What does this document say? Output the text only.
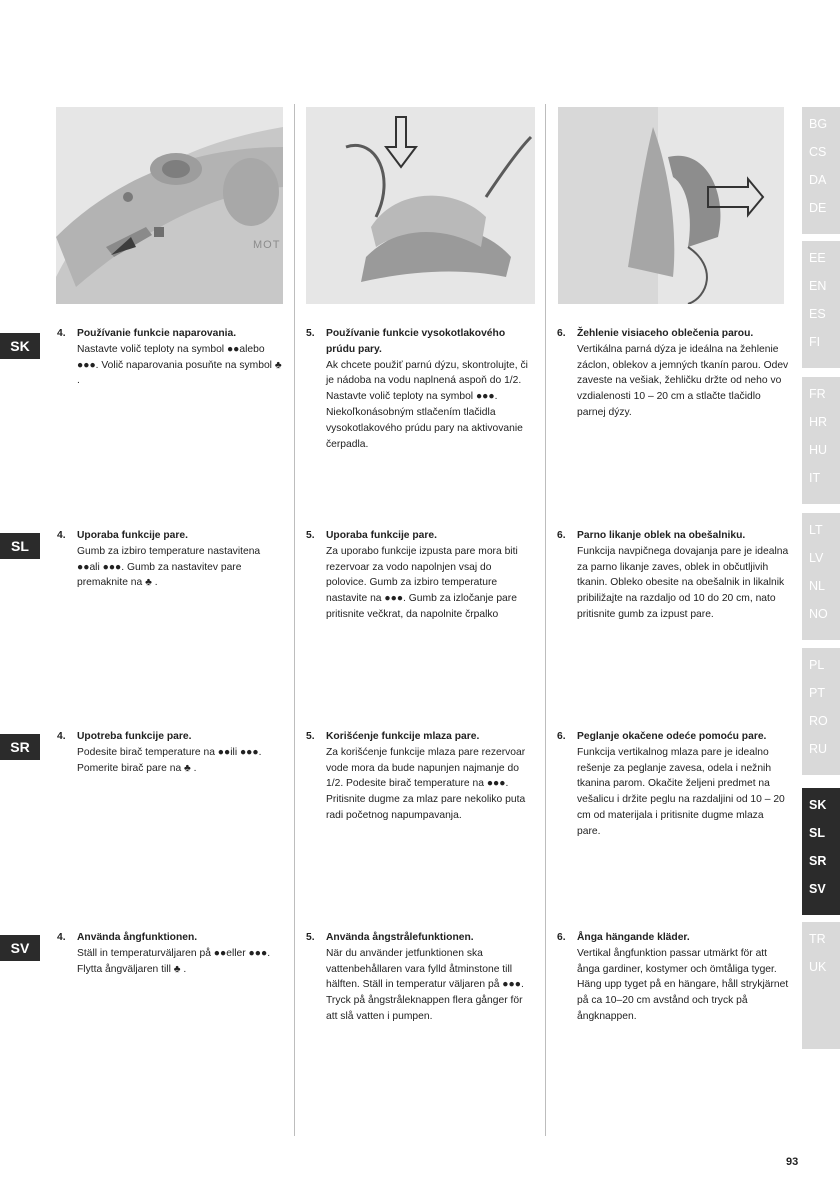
MOT
SK
4. Používanie funkcie naparovania.
Nastavte volič teploty na symbol ●●alebo ●●●. Volič naparovania posuňte na symbol ♣ .
5. Používanie funkcie vysokotlakového prúdu pary.
Ak chcete použiť parnú dýzu, skontrolujte, či je nádoba na vodu naplnená aspoň do 1/2. Nastavte volič teploty na symbol ●●●. Niekoľkonásobným stlačením tlačidla vysokotlakového prúdu pary na aktivovanie čerpadla.
6. Žehlenie visiaceho oblečenia parou.
Vertikálna parná dýza je ideálna na žehlenie záclon, oblekov a jemných tkanín parou. Odev zaveste na vešiak, žehličku držte od neho vo vzdialenosti 10 – 20 cm a stlačte tlačidlo parnej dýzy.
SL
4. Uporaba funkcije pare.
Gumb za izbiro temperature nastavitena ●●ali ●●●. Gumb za nastavitev pare premaknite na ♣ .
5. Uporaba funkcije pare.
Za uporabo funkcije izpusta pare mora biti rezervoar za vodo napolnjen vsaj do polovice. Gumb za izbiro temperature nastavite na ●●●. Gumb za izločanje pare pritisnite večkrat, da napolnite črpalko
6. Parno likanje oblek na obešalniku.
Funkcija navpičnega dovajanja pare je idealna za parno likanje zaves, oblek in občutljivih tkanin. Obleko obesite na obešalnik in likalnik pribiližajte na razdaljo od 10 do 20 cm, nato pritisnite gumb za izpust pare.
SR
4. Upotreba funkcije pare.
Podesite birač temperature na ●●ili ●●●. Pomerite birač pare na ♣ .
5. Korišćenje funkcije mlaza pare.
Za korišćenje funkcije mlaza pare rezervoar vode mora da bude napunjen najmanje do 1/2. Podesite birač temperature na ●●●. Pritisnite dugme za mlaz pare nekoliko puta radi početnog napumpavanja.
6. Peglanje okačene odeće pomoću pare.
Funkcija vertikalnog mlaza pare je idealno rešenje za peglanje zavesa, odela i nežnih tkanina parom. Okačite željeni predmet na vešalicu i držite peglu na razdaljini od 10 – 20 cm od materijala i pritisnite dugme mlaza pare.
SV
4. Använda ångfunktionen.
Ställ in temperaturväljaren på ●●eller ●●●. Flytta ångväljaren till ♣ .
5. Använda ångstrålefunktionen.
När du använder jetfunktionen ska vattenbehållaren vara fylld åtminstone till hälften. Ställ in temperatur väljaren på ●●●. Tryck på ångstråleknappen flera gånger för att slå vatten i pumpen.
6. Ånga hängande kläder.
Vertikal ångfunktion passar utmärkt för att ånga gardiner, kostymer och ömtåliga tyger. Häng upp tyget på en hängare, håll strykjärnet på ca 10–20 cm avstånd och tryck på ångknappen.
BG
CS
DA
DE
EE
EN
ES
FI
FR
HR
HU
IT
LT
LV
NL
NO
PL
PT
RO
RU
SK
SL
SR
SV
TR
UK
93
